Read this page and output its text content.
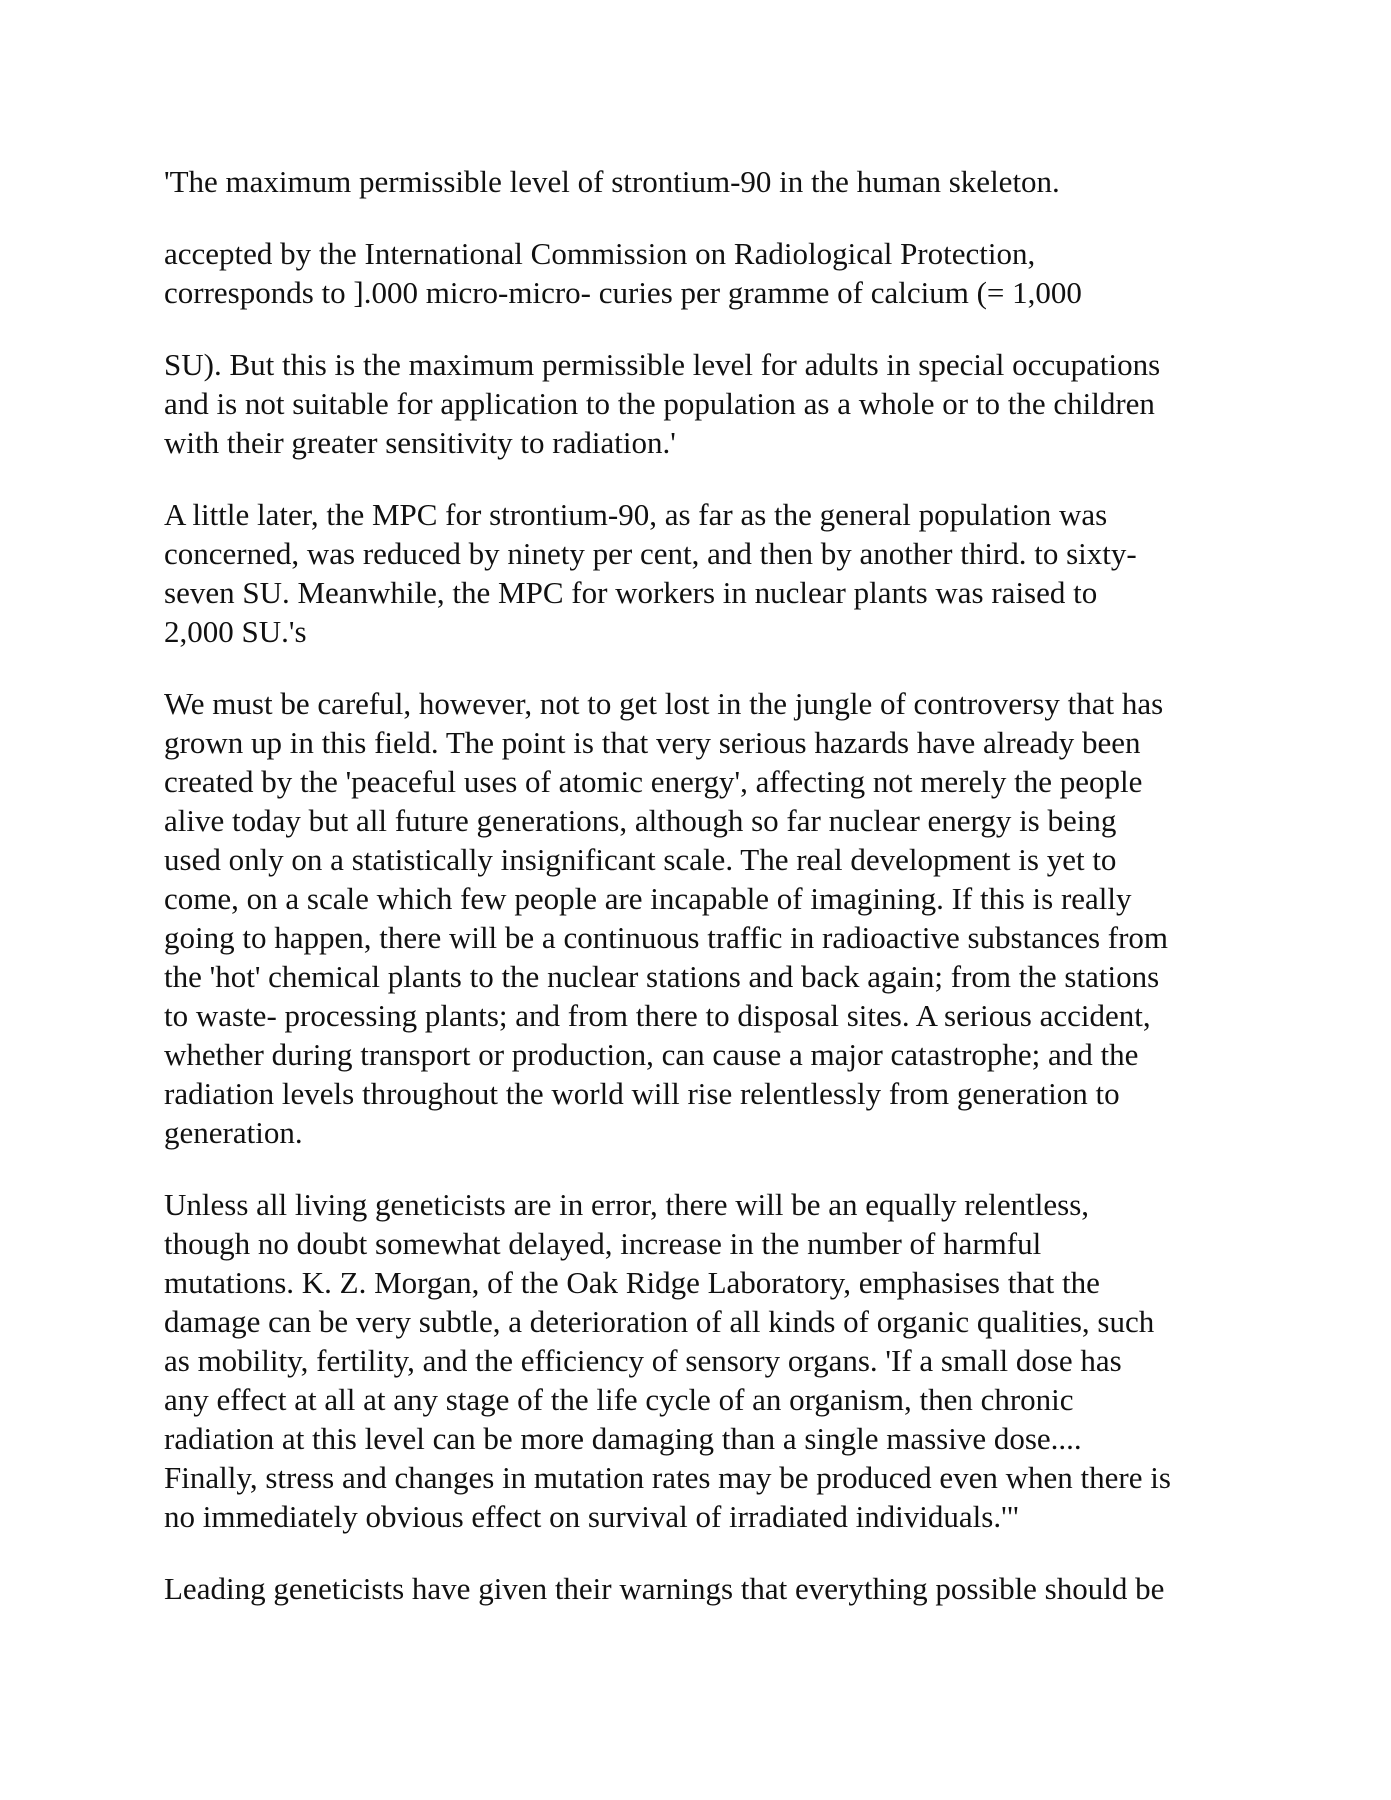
'The maximum permissible level of strontium-90 in the human skeleton.

accepted by the International Commission on Radiological Protection,
corresponds to ].000 micro-micro- curies per gramme of calcium (= 1,000

SU). But this is the maximum permissible level for adults in special occupations
and is not suitable for application to the population as a whole or to the children
with their greater sensitivity to radiation.'

A little later, the MPC for strontium-90, as far as the general population was
concerned, was reduced by ninety per cent, and then by another third. to sixty-
seven SU. Meanwhile, the MPC for workers in nuclear plants was raised to
2,000 SU.'s

We must be careful, however, not to get lost in the jungle of controversy that has
grown up in this field. The point is that very serious hazards have already been
created by the 'peaceful uses of atomic energy', affecting not merely the people
alive today but all future generations, although so far nuclear energy is being
used only on a statistically insignificant scale. The real development is yet to
come, on a scale which few people are incapable of imagining. If this is really
going to happen, there will be a continuous traffic in radioactive substances from
the 'hot' chemical plants to the nuclear stations and back again; from the stations
to waste- processing plants; and from there to disposal sites. A serious accident,
whether during transport or production, can cause a major catastrophe; and the
radiation levels throughout the world will rise relentlessly from generation to
generation.

Unless all living geneticists are in error, there will be an equally relentless,
though no doubt somewhat delayed, increase in the number of harmful
mutations. K. Z. Morgan, of the Oak Ridge Laboratory, emphasises that the
damage can be very subtle, a deterioration of all kinds of organic qualities, such
as mobility, fertility, and the efficiency of sensory organs. 'If a small dose has
any effect at all at any stage of the life cycle of an organism, then chronic
radiation at this level can be more damaging than a single massive dose....
Finally, stress and changes in mutation rates may be produced even when there is
no immediately obvious effect on survival of irradiated individuals.'"

Leading geneticists have given their warnings that everything possible should be
